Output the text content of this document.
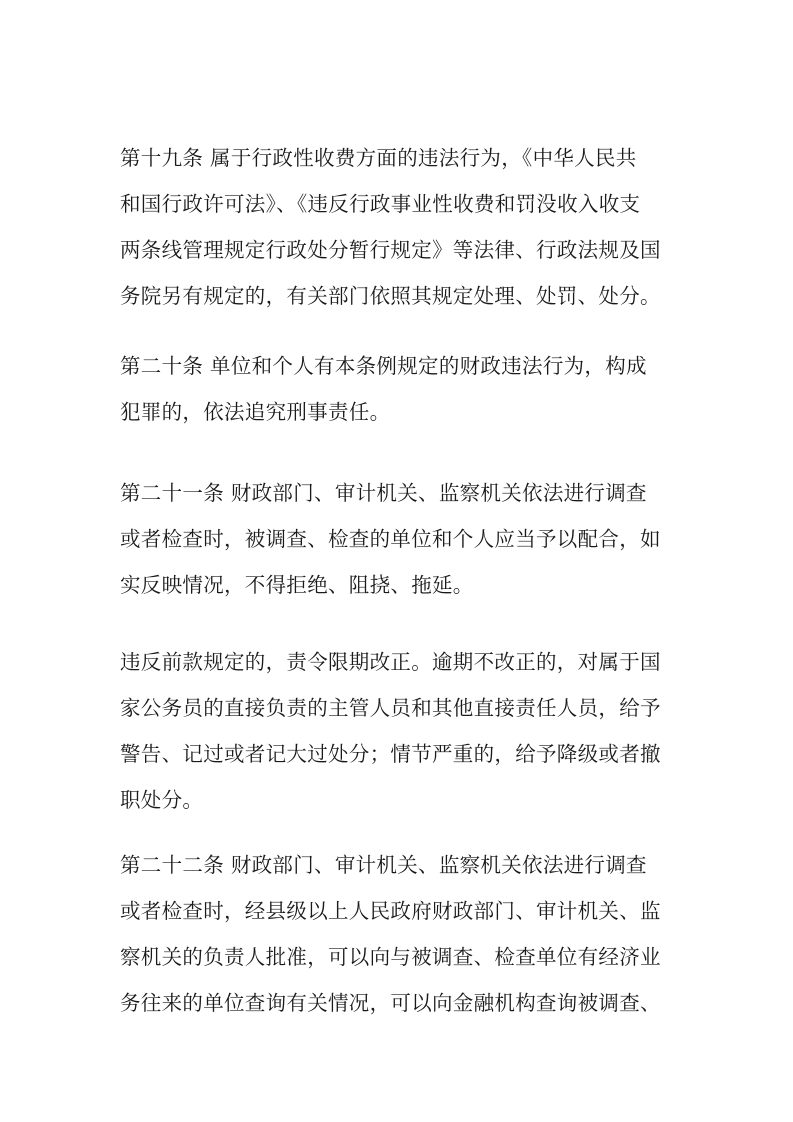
第十九条 属于行政性收费方面的违法行为，《中华人民共
和国行政许可法》、《违反行政事业性收费和罚没收入收支
两条线管理规定行政处分暂行规定》等法律、行政法规及国
务院另有规定的，有关部门依照其规定处理、处罚、处分。
第二十条 单位和个人有本条例规定的财政违法行为，构成
犯罪的，依法追究刑事责任。
第二十一条 财政部门、审计机关、监察机关依法进行调查
或者检查时，被调查、检查的单位和个人应当予以配合，如
实反映情况，不得拒绝、阻挠、拖延。
违反前款规定的，责令限期改正。逾期不改正的，对属于国
家公务员的直接负责的主管人员和其他直接责任人员，给予
警告、记过或者记大过处分；情节严重的，给予降级或者撤
职处分。
第二十二条 财政部门、审计机关、监察机关依法进行调查
或者检查时，经县级以上人民政府财政部门、审计机关、监
察机关的负责人批准，可以向与被调查、检查单位有经济业
务往来的单位查询有关情况，可以向金融机构查询被调查、
